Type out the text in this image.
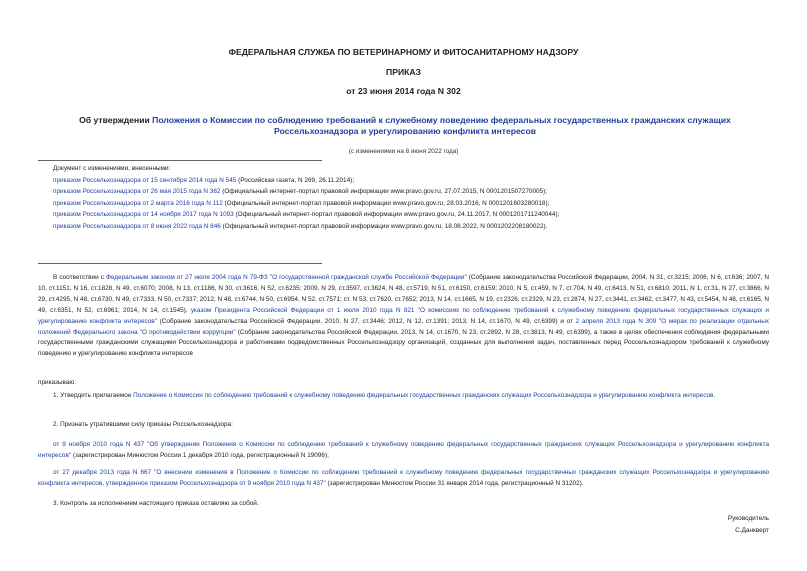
ФЕДЕРАЛЬНАЯ СЛУЖБА ПО ВЕТЕРИНАРНОМУ И ФИТОСАНИТАРНОМУ НАДЗОРУ
ПРИКАЗ
от 23 июня 2014 года N 302
Об утверждении Положения о Комиссии по соблюдению требований к служебному поведению федеральных государственных гражданских служащих Россельхознадзора и урегулированию конфликта интересов
(с изменениями на 8 июня 2022 года)
Документ с изменениями, внесенными:
приказом Россельхознадзора от 15 сентября 2014 года N 545 (Российская газета, N 269, 26.11.2014);
приказом Россельхознадзора от 26 мая 2015 года N 362 (Официальный интернет-портал правовой информации www.pravo.gov.ru, 27.07.2015, N 0001201507270005);
приказом Россельхознадзора от 2 марта 2016 года N 112 (Официальный интернет-портал правовой информации www.pravo.gov.ru, 28.03.2016, N 0001201603280018);
приказом Россельхознадзора от 14 ноября 2017 года N 1093 (Официальный интернет-портал правовой информации www.pravo.gov.ru, 24.11.2017, N 0001201711240044);
приказом Россельхознадзора от 8 июня 2022 года N 846 (Официальный интернет-портал правовой информации www.pravo.gov.ru, 18.08.2022, N 0001202208180022).
В соответствии с Федеральным законом от 27 июля 2004 года N 79-ФЗ "О государственной гражданской службе Российской Федерации" (Собрание законодательства Российской Федерации, 2004, N 31, ст.3215; 2006, N 6, ст.636; 2007, N 10, ст.1151, N 16, ст.1828, N 49, ст.6070; 2008, N 13, ст.1186, N 30, ст.3616, N 52, ст.6235; 2009, N 29, ст.3597, ст.3624, N 48, ст.5719, N 51, ст.6150, ст.6159; 2010, N 5, ст.459, N 7, ст.704, N 49, ст.6413, N 51, ст.6810; 2011, N 1, ст.31, N 27, ст.3866, N 29, ст.4295, N 48, ст.6730, N 49, ст.7333, N 50, ст.7337; 2012, N 48, ст.6744, N 50, ст.6954, N 52, ст.7571; ст. N 53, ст.7620, ст.7652; 2013, N 14, ст.1665, N 19, ст.2326, ст.2329, N 23, ст.2874, N 27, ст.3441, ст.3462, ст.3477, N 43, ст.5454, N 48, ст.6165, N 49, ст.6351, N 52, ст.6961; 2014, N 14, ст.1545), указом Президента Российской Федерации от 1 июля 2010 года N 821 "О комиссиях по соблюдению требований к служебному поведению федеральных государственных служащих и урегулированию конфликта интересов" (Собрание законодательства Российской Федерации, 2010, N 27, ст.3446; 2012, N 12, ст.1391; 2013, N 14, ст.1670, N 49, ст.6399) и от 2 апреля 2013 года N 309 "О мерах по реализации отдельных положений Федерального закона "О противодействии коррупции" (Собрание законодательства Российской Федерации, 2013, N 14, ст.1670, N 23, ст.2892, N 28, ст.3813, N 49, ст.6399), а также в целях обеспечения соблюдения федеральными государственными гражданскими служащими Россельхознадзора и работниками подведомственных Россельхознадзору организаций, созданных для выполнения задач, поставленных перед Россельхознадзором требований к служебному поведению и урегулированию конфликта интересов
приказываю:
1. Утвердить прилагаемое Положение о Комиссии по соблюдению требований к служебному поведению федеральных государственных гражданских служащих Россельхознадзора и урегулированию конфликта интересов.
2. Признать утратившими силу приказы Россельхознадзора:
от 9 ноября 2010 года N 437 "Об утверждении Положения о Комиссии по соблюдению требований к служебному поведению федеральных государственных гражданских служащих Россельхознадзора и урегулированию конфликта интересов" (зарегистрирован Минюстом России 1 декабря 2010 года, регистрационный N 19096);
от 27 декабря 2013 года N 667 "О внесении изменения в Положение о Комиссии по соблюдению требований к служебному поведению федеральных государственных гражданских служащих Россельхознадзора и урегулированию конфликта интересов, утвержденное приказом Россельхознадзора от 9 ноября 2010 года N 437" (зарегистрирован Минюстом России 31 января 2014 года, регистрационный N 31202).
3. Контроль за исполнением настоящего приказа оставляю за собой.
Руководитель
С.Данкверт
